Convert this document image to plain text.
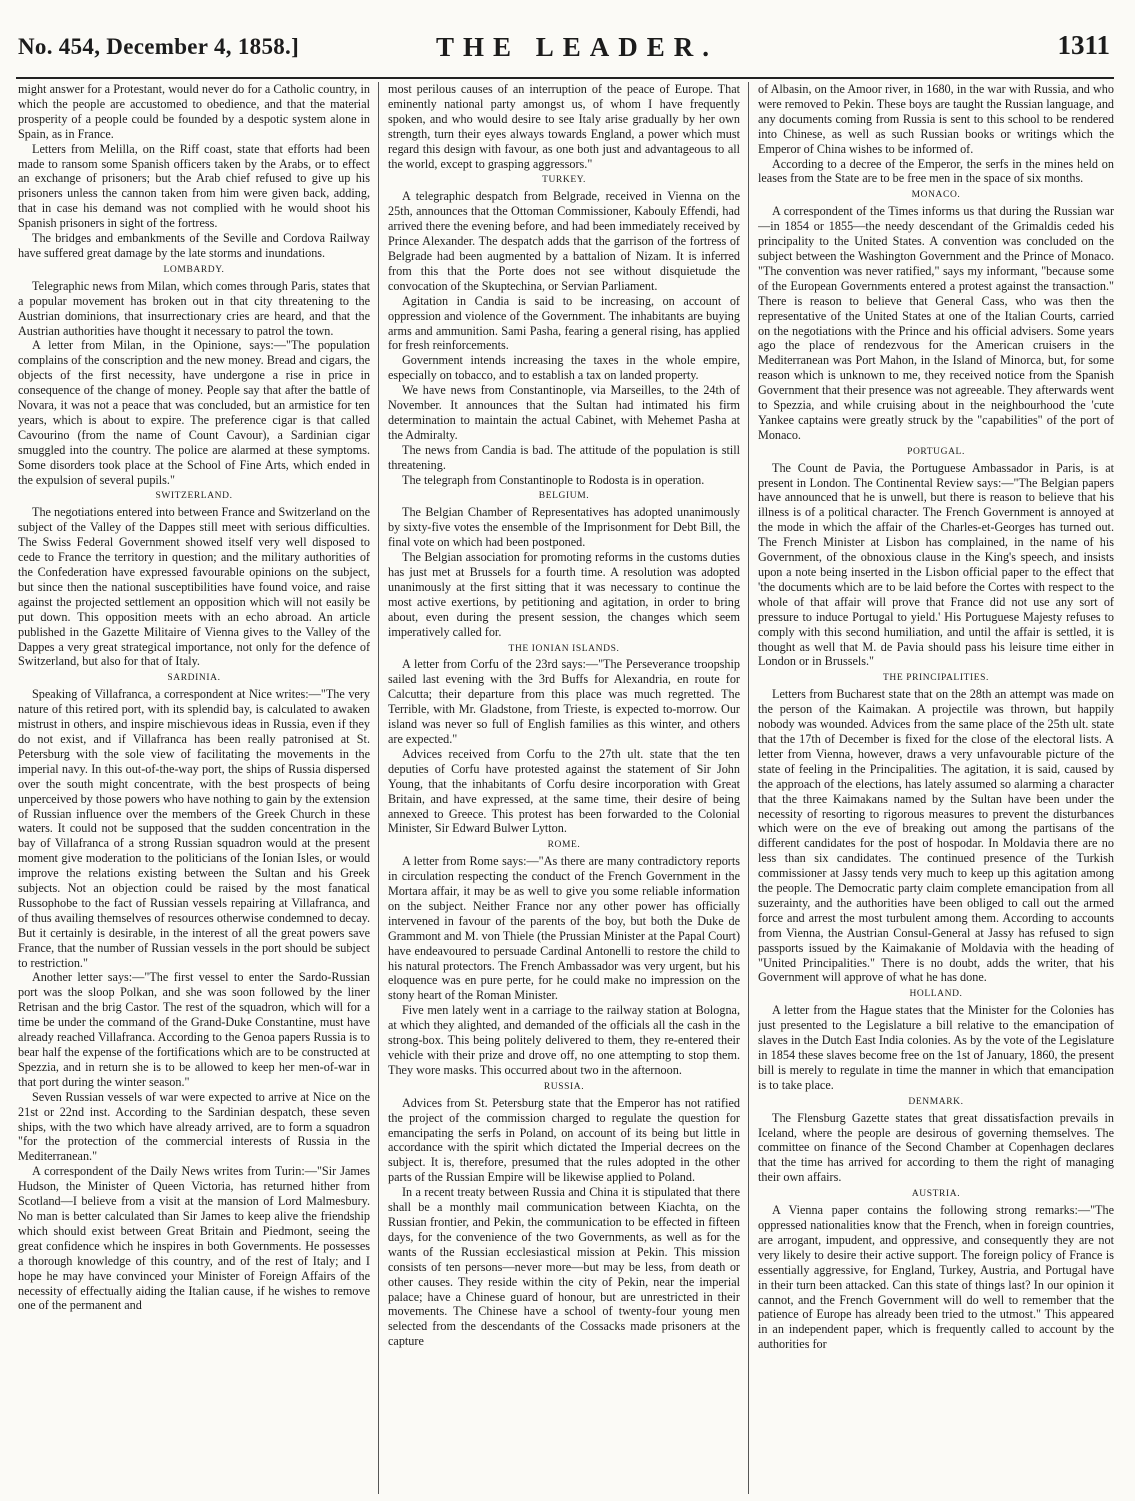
No. 454, December 4, 1858.]	THE LEADER.	1311

might answer for a Protestant, would never do for a Catholic country, in which the people are accustomed to obedience, and that the material prosperity of a people could be founded by a despotic system alone in Spain, as in France.

Letters from Melilla, on the Riff coast, state that efforts had been made to ransom some Spanish officers taken by the Arabs, or to effect an exchange of prisoners; but the Arab chief refused to give up his prisoners unless the cannon taken from him were given back, adding, that in case his demand was not complied with he would shoot his Spanish prisoners in sight of the fortress.

The bridges and embankments of the Seville and Cordova Railway have suffered great damage by the late storms and inundations.

LOMBARDY.

Telegraphic news from Milan, which comes through Paris, states that a popular movement has broken out in that city threatening to the Austrian dominions, that insurrectionary cries are heard, and that the Austrian authorities have thought it necessary to patrol the town.

A letter from Milan, in the Opinione, says:—"The population complains of the conscription and the new money. Bread and cigars, the objects of the first necessity, have undergone a rise in price in consequence of the change of money. People say that after the battle of Novara, it was not a peace that was concluded, but an armistice for ten years, which is about to expire. The preference cigar is that called Cavourino (from the name of Count Cavour), a Sardinian cigar smuggled into the country. The police are alarmed at these symptoms. Some disorders took place at the School of Fine Arts, which ended in the expulsion of several pupils."

SWITZERLAND.

The negotiations entered into between France and Switzerland on the subject of the Valley of the Dappes still meet with serious difficulties. The Swiss Federal Government showed itself very well disposed to cede to France the territory in question; and the military authorities of the Confederation have expressed favourable opinions on the subject, but since then the national susceptibilities have found voice, and raise against the projected settlement an opposition which will not easily be put down. This opposition meets with an echo abroad. An article published in the Gazette Militaire of Vienna gives to the Valley of the Dappes a very great strategical importance, not only for the defence of Switzerland, but also for that of Italy.

SARDINIA.

Speaking of Villafranca, a correspondent at Nice writes:—"The very nature of this retired port, with its splendid bay, is calculated to awaken mistrust in others, and inspire mischievous ideas in Russia, even if they do not exist, and if Villafranca has been really patronised at St. Petersburg with the sole view of facilitating the movements in the imperial navy. In this out-of-the-way port, the ships of Russia dispersed over the south might concentrate, with the best prospects of being unperceived by those powers who have nothing to gain by the extension of Russian influence over the members of the Greek Church in these waters. It could not be supposed that the sudden concentration in the bay of Villafranca of a strong Russian squadron would at the present moment give moderation to the politicians of the Ionian Isles, or would improve the relations existing between the Sultan and his Greek subjects. Not an objection could be raised by the most fanatical Russophobe to the fact of Russian vessels repairing at Villafranca, and of thus availing themselves of resources otherwise condemned to decay. But it certainly is desirable, in the interest of all the great powers save France, that the number of Russian vessels in the port should be subject to restriction."

Another letter says:—"The first vessel to enter the Sardo-Russian port was the sloop Polkan, and she was soon followed by the liner Retrisan and the brig Castor. The rest of the squadron, which will for a time be under the command of the Grand-Duke Constantine, must have already reached Villafranca. According to the Genoa papers Russia is to bear half the expense of the fortifications which are to be constructed at Spezzia, and in return she is to be allowed to keep her men-of-war in that port during the winter season."

Seven Russian vessels of war were expected to arrive at Nice on the 21st or 22nd inst. According to the Sardinian despatch, these seven ships, with the two which have already arrived, are to form a squadron "for the protection of the commercial interests of Russia in the Mediterranean."

A correspondent of the Daily News writes from Turin:—"Sir James Hudson, the Minister of Queen Victoria, has returned hither from Scotland—I believe from a visit at the mansion of Lord Malmesbury. No man is better calculated than Sir James to keep alive the friendship which should exist between Great Britain and Piedmont, seeing the great confidence which he inspires in both Governments. He possesses a thorough knowledge of this country, and of the rest of Italy; and I hope he may have convinced your Minister of Foreign Affairs of the necessity of effectually aiding the Italian cause, if he wishes to remove one of the permanent and

most perilous causes of an interruption of the peace of Europe. That eminently national party amongst us, of whom I have frequently spoken, and who would desire to see Italy arise gradually by her own strength, turn their eyes always towards England, a power which must regard this design with favour, as one both just and advantageous to all the world, except to grasping aggressors."

TURKEY.

A telegraphic despatch from Belgrade, received in Vienna on the 25th, announces that the Ottoman Commissioner, Kabouly Effendi, had arrived there the evening before, and had been immediately received by Prince Alexander. The despatch adds that the garrison of the fortress of Belgrade had been augmented by a battalion of Nizam. It is inferred from this that the Porte does not see without disquietude the convocation of the Skuptechina, or Servian Parliament.

Agitation in Candia is said to be increasing, on account of oppression and violence of the Government. The inhabitants are buying arms and ammunition. Sami Pasha, fearing a general rising, has applied for fresh reinforcements.

Government intends increasing the taxes in the whole empire, especially on tobacco, and to establish a tax on landed property.

We have news from Constantinople, via Marseilles, to the 24th of November. It announces that the Sultan had intimated his firm determination to maintain the actual Cabinet, with Mehemet Pasha at the Admiralty.

The news from Candia is bad. The attitude of the population is still threatening.

The telegraph from Constantinople to Rodosta is in operation.

BELGIUM.

The Belgian Chamber of Representatives has adopted unanimously by sixty-five votes the ensemble of the Imprisonment for Debt Bill, the final vote on which had been postponed.

The Belgian association for promoting reforms in the customs duties has just met at Brussels for a fourth time. A resolution was adopted unanimously at the first sitting that it was necessary to continue the most active exertions, by petitioning and agitation, in order to bring about, even during the present session, the changes which seem imperatively called for.

THE IONIAN ISLANDS.

A letter from Corfu of the 23rd says:—"The Perseverance troopship sailed last evening with the 3rd Buffs for Alexandria, en route for Calcutta; their departure from this place was much regretted. The Terrible, with Mr. Gladstone, from Trieste, is expected to-morrow. Our island was never so full of English families as this winter, and others are expected."

Advices received from Corfu to the 27th ult. state that the ten deputies of Corfu have protested against the statement of Sir John Young, that the inhabitants of Corfu desire incorporation with Great Britain, and have expressed, at the same time, their desire of being annexed to Greece. This protest has been forwarded to the Colonial Minister, Sir Edward Bulwer Lytton.

ROME.

A letter from Rome says:—"As there are many contradictory reports in circulation respecting the conduct of the French Government in the Mortara affair, it may be as well to give you some reliable information on the subject. Neither France nor any other power has officially intervened in favour of the parents of the boy, but both the Duke de Grammont and M. von Thiele (the Prussian Minister at the Papal Court) have endeavoured to persuade Cardinal Antonelli to restore the child to his natural protectors. The French Ambassador was very urgent, but his eloquence was en pure perte, for he could make no impression on the stony heart of the Roman Minister.

Five men lately went in a carriage to the railway station at Bologna, at which they alighted, and demanded of the officials all the cash in the strong-box. This being politely delivered to them, they re-entered their vehicle with their prize and drove off, no one attempting to stop them. They wore masks. This occurred about two in the afternoon.

RUSSIA.

Advices from St. Petersburg state that the Emperor has not ratified the project of the commission charged to regulate the question for emancipating the serfs in Poland, on account of its being but little in accordance with the spirit which dictated the Imperial decrees on the subject. It is, therefore, presumed that the rules adopted in the other parts of the Russian Empire will be likewise applied to Poland.

In a recent treaty between Russia and China it is stipulated that there shall be a monthly mail communication between Kiachta, on the Russian frontier, and Pekin, the communication to be effected in fifteen days, for the convenience of the two Governments, as well as for the wants of the Russian ecclesiastical mission at Pekin. This mission consists of ten persons—never more—but may be less, from death or other causes. They reside within the city of Pekin, near the imperial palace; have a Chinese guard of honour, but are unrestricted in their movements. The Chinese have a school of twenty-four young men selected from the descendants of the Cossacks made prisoners at the capture

of Albasin, on the Amoor river, in 1680, in the war with Russia, and who were removed to Pekin. These boys are taught the Russian language, and any documents coming from Russia is sent to this school to be rendered into Chinese, as well as such Russian books or writings which the Emperor of China wishes to be informed of.

According to a decree of the Emperor, the serfs in the mines held on leases from the State are to be free men in the space of six months.

MONACO.

A correspondent of the Times informs us that during the Russian war—in 1854 or 1855—the needy descendant of the Grimaldis ceded his principality to the United States. A convention was concluded on the subject between the Washington Government and the Prince of Monaco. "The convention was never ratified," says my informant, "because some of the European Governments entered a protest against the transaction." There is reason to believe that General Cass, who was then the representative of the United States at one of the Italian Courts, carried on the negotiations with the Prince and his official advisers. Some years ago the place of rendezvous for the American cruisers in the Mediterranean was Port Mahon, in the Island of Minorca, but, for some reason which is unknown to me, they received notice from the Spanish Government that their presence was not agreeable. They afterwards went to Spezzia, and while cruising about in the neighbourhood the 'cute Yankee captains were greatly struck by the "capabilities" of the port of Monaco.

PORTUGAL.

The Count de Pavia, the Portuguese Ambassador in Paris, is at present in London. The Continental Review says:—"The Belgian papers have announced that he is unwell, but there is reason to believe that his illness is of a political character. The French Government is annoyed at the mode in which the affair of the Charles-et-Georges has turned out. The French Minister at Lisbon has complained, in the name of his Government, of the obnoxious clause in the King's speech, and insists upon a note being inserted in the Lisbon official paper to the effect that 'the documents which are to be laid before the Cortes with respect to the whole of that affair will prove that France did not use any sort of pressure to induce Portugal to yield.' His Portuguese Majesty refuses to comply with this second humiliation, and until the affair is settled, it is thought as well that M. de Pavia should pass his leisure time either in London or in Brussels."

THE PRINCIPALITIES.

Letters from Bucharest state that on the 28th an attempt was made on the person of the Kaimakan. A projectile was thrown, but happily nobody was wounded. Advices from the same place of the 25th ult. state that the 17th of December is fixed for the close of the electoral lists. A letter from Vienna, however, draws a very unfavourable picture of the state of feeling in the Principalities. The agitation, it is said, caused by the approach of the elections, has lately assumed so alarming a character that the three Kaimakans named by the Sultan have been under the necessity of resorting to rigorous measures to prevent the disturbances which were on the eve of breaking out among the partisans of the different candidates for the post of hospodar. In Moldavia there are no less than six candidates. The continued presence of the Turkish commissioner at Jassy tends very much to keep up this agitation among the people. The Democratic party claim complete emancipation from all suzerainty, and the authorities have been obliged to call out the armed force and arrest the most turbulent among them. According to accounts from Vienna, the Austrian Consul-General at Jassy has refused to sign passports issued by the Kaimakanie of Moldavia with the heading of "United Principalities." There is no doubt, adds the writer, that his Government will approve of what he has done.

HOLLAND.

A letter from the Hague states that the Minister for the Colonies has just presented to the Legislature a bill relative to the emancipation of slaves in the Dutch East India colonies. As by the vote of the Legislature in 1854 these slaves become free on the 1st of January, 1860, the present bill is merely to regulate in time the manner in which that emancipation is to take place.

DENMARK.

The Flensburg Gazette states that great dissatisfaction prevails in Iceland, where the people are desirous of governing themselves. The committee on finance of the Second Chamber at Copenhagen declares that the time has arrived for according to them the right of managing their own affairs.

AUSTRIA.

A Vienna paper contains the following strong remarks:—"The oppressed nationalities know that the French, when in foreign countries, are arrogant, impudent, and oppressive, and consequently they are not very likely to desire their active support. The foreign policy of France is essentially aggressive, for England, Turkey, Austria, and Portugal have in their turn been attacked. Can this state of things last? In our opinion it cannot, and the French Government will do well to remember that the patience of Europe has already been tried to the utmost." This appeared in an independent paper, which is frequently called to account by the authorities for
